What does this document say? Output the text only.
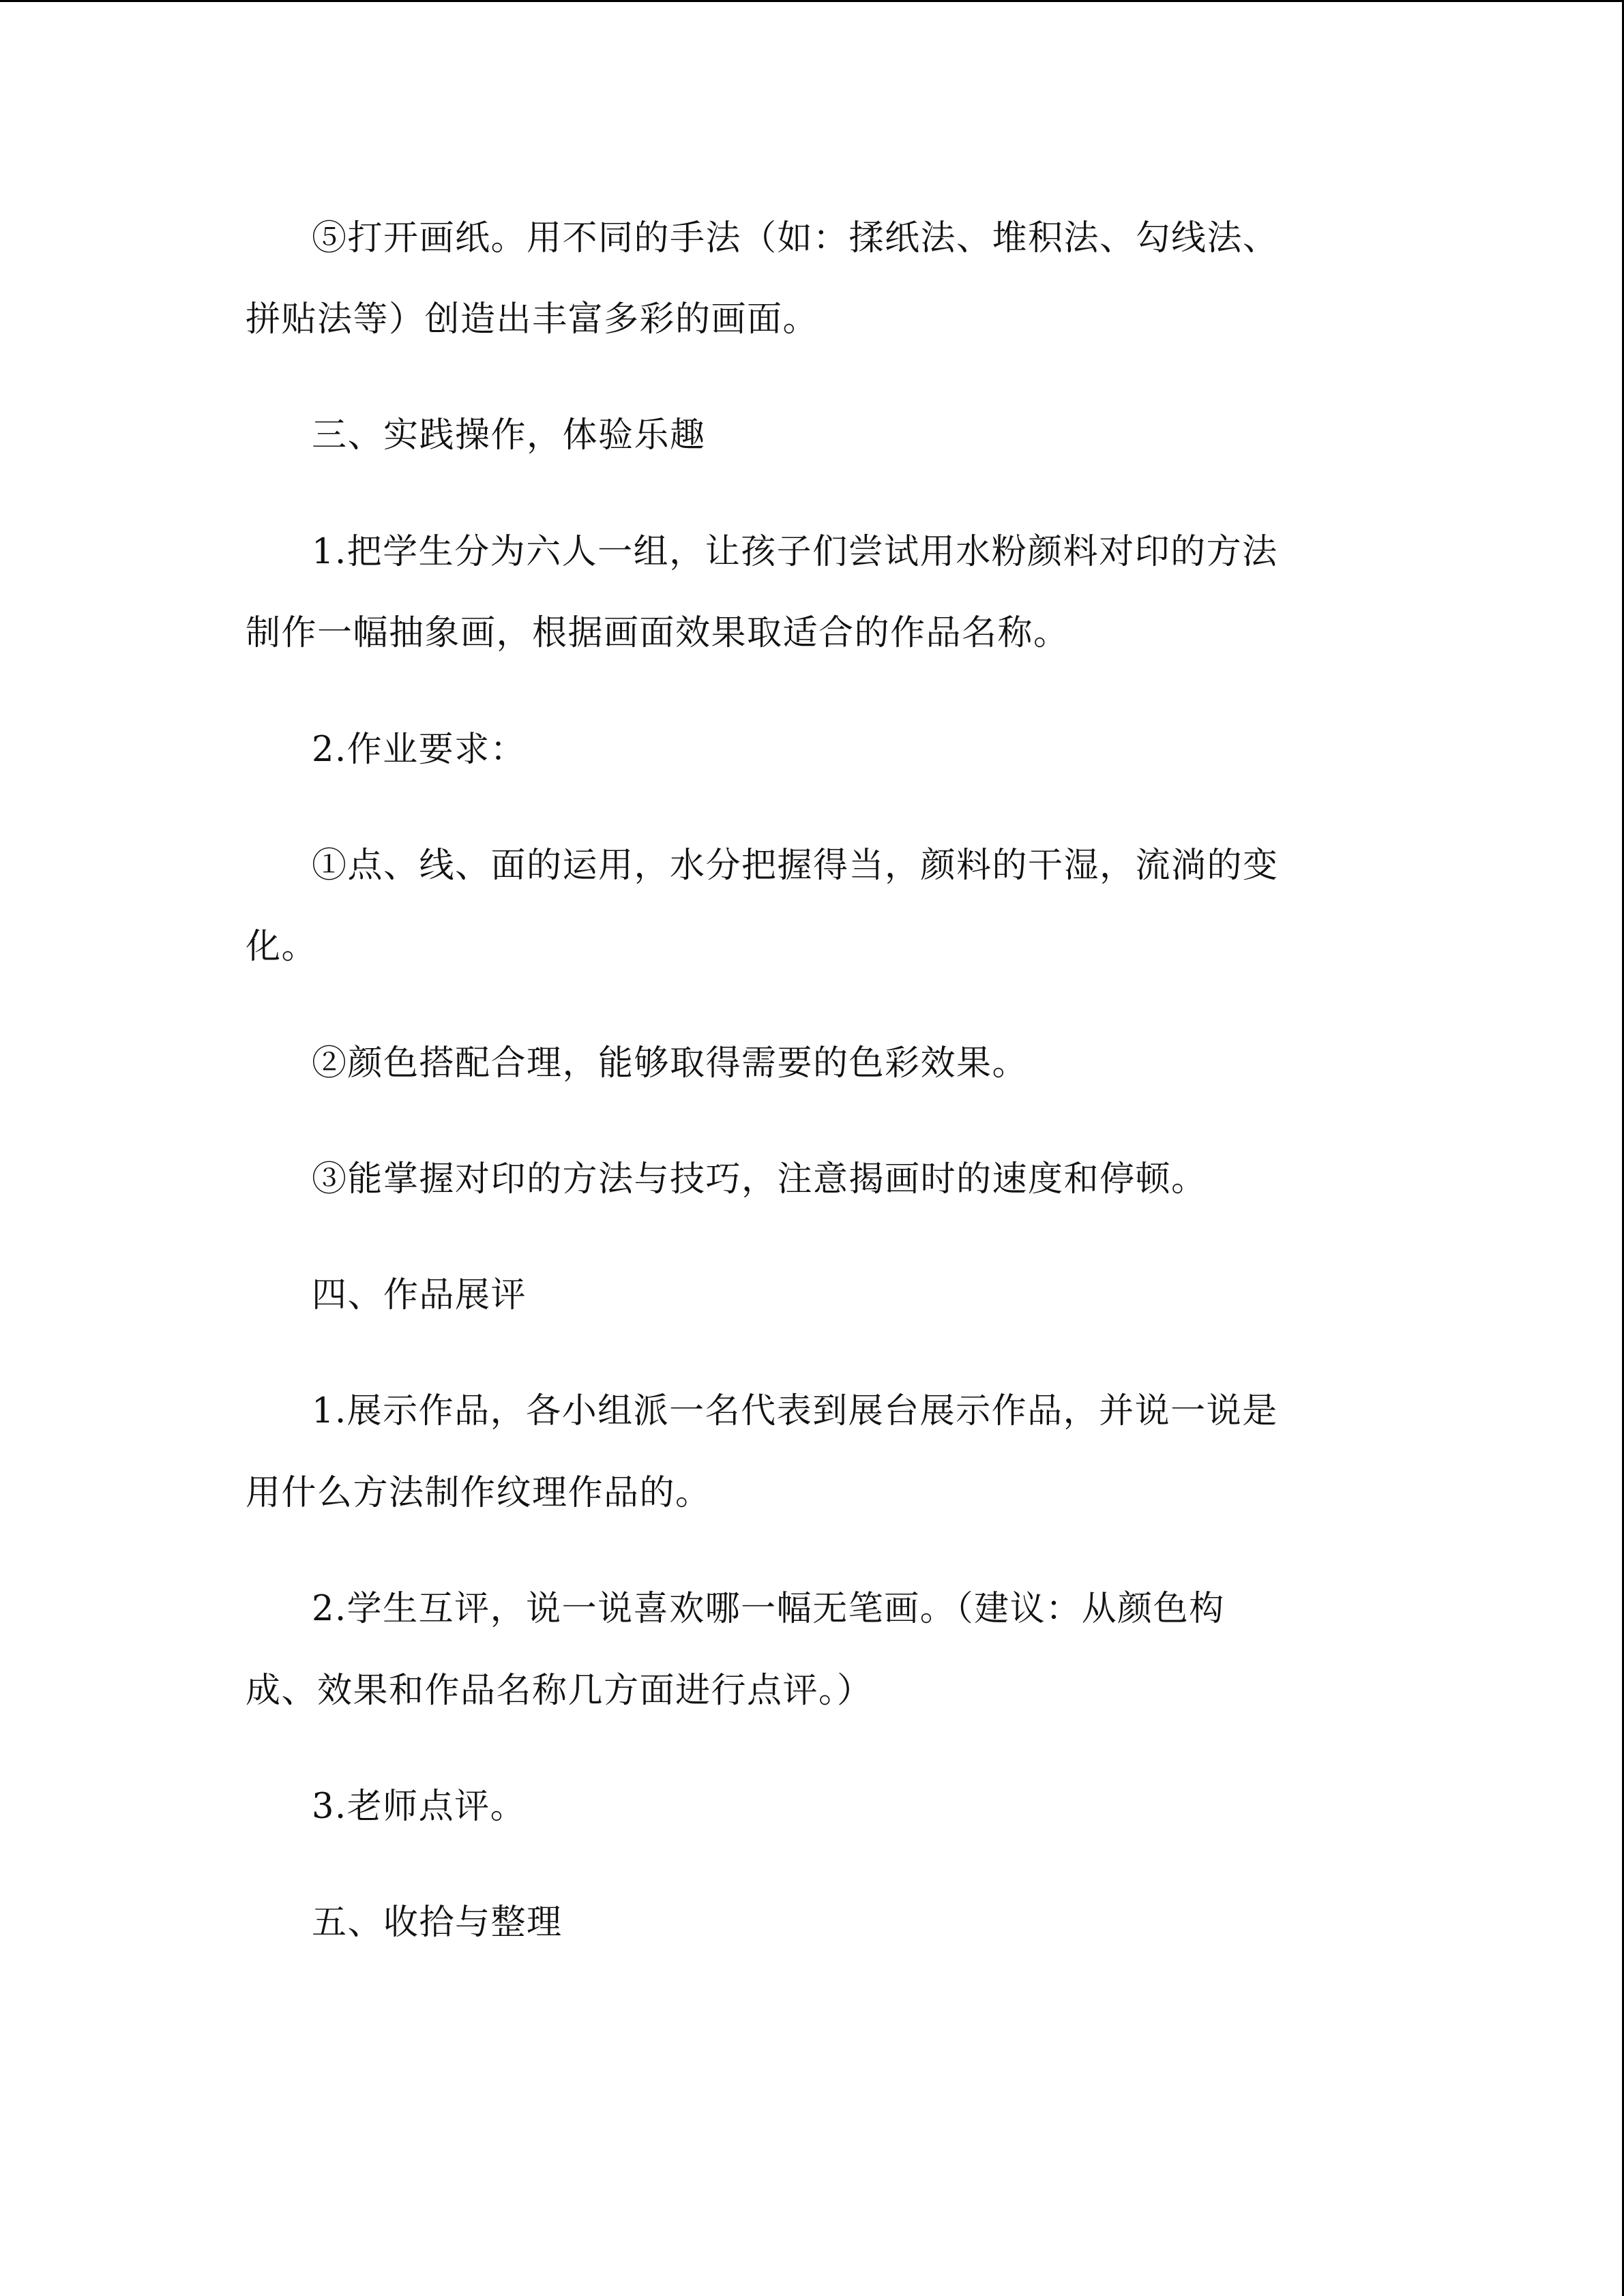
⑤打开画纸。用不同的手法（如：揉纸法、堆积法、勾线法、
拼贴法等）创造出丰富多彩的画面。
三、实践操作，体验乐趣
1.把学生分为六人一组，让孩子们尝试用水粉颜料对印的方法
制作一幅抽象画，根据画面效果取适合的作品名称。
2.作业要求：
①点、线、面的运用，水分把握得当，颜料的干湿，流淌的变
化。
②颜色搭配合理，能够取得需要的色彩效果。
③能掌握对印的方法与技巧，注意揭画时的速度和停顿。
四、作品展评
1.展示作品，各小组派一名代表到展台展示作品，并说一说是
用什么方法制作纹理作品的。
2.学生互评，说一说喜欢哪一幅无笔画。（建议：从颜色构
成、效果和作品名称几方面进行点评。）
3.老师点评。
五、收拾与整理
